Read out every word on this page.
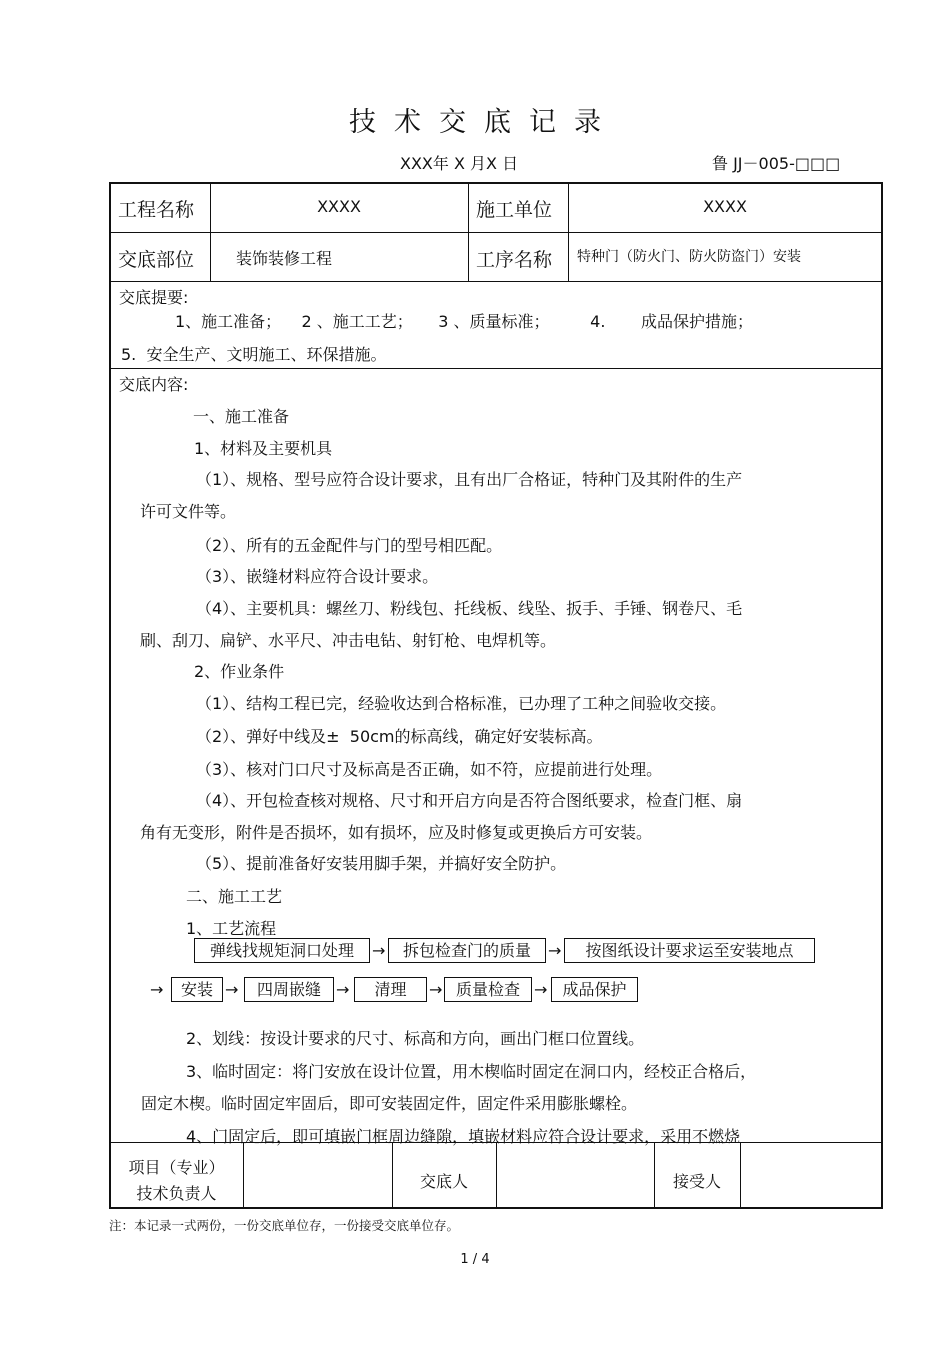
技术交底记录
XXX年 X 月X 日	鲁 JJ－005-□□□
工程名称	XXXX	施工单位	XXXX
交底部位	装饰装修工程	工序名称 特种门（防火门、防火防盗门）安装
交底提要:
1、施工准备；    2 、施工工艺；     3 、质量标准；        4.       成品保护措施；
5.  安全生产、文明施工、环保措施。
交底内容:
一、施工准备
1、材料及主要机具
（1）、规格、型号应符合设计要求，且有出厂合格证，特种门及其附件的生产
许可文件等。
（2）、所有的五金配件与门的型号相匹配。
（3）、嵌缝材料应符合设计要求。
（4）、主要机具：螺丝刀、粉线包、托线板、线坠、扳手、手锤、钢卷尺、毛
刷、刮刀、扁铲、水平尺、冲击电钻、射钉枪、电焊机等。
2、作业条件
（1）、结构工程已完，经验收达到合格标准，已办理了工种之间验收交接。
（2）、弹好中线及±  50cm的标高线，确定好安装标高。
（3）、核对门口尺寸及标高是否正确，如不符，应提前进行处理。
（4）、开包检查核对规格、尺寸和开启方向是否符合图纸要求，检查门框、扇
角有无变形，附件是否损坏，如有损坏，应及时修复或更换后方可安装。
（5）、提前准备好安装用脚手架，并搞好安全防护。
二、施工工艺
1、工艺流程
弹线找规矩洞口处理	→	拆包检查门的质量	→	按图纸设计要求运至安装地点
→	安装 →	四周嵌缝 →	清理	→ 质量检查 → 成品保护
2、划线：按设计要求的尺寸、标高和方向，画出门框口位置线。
3、临时固定：将门安放在设计位置，用木楔临时固定在洞口内，经校正合格后，
固定木楔。临时固定牢固后，即可安装固定件，固定件采用膨胀螺栓。
4、门固定后，即可填嵌门框周边缝隙，填嵌材料应符合设计要求，采用不燃烧
项目（专业）
技术负责人
交底人	接受人
注：本记录一式两份，一份交底单位存，一份接受交底单位存。
1 / 4
